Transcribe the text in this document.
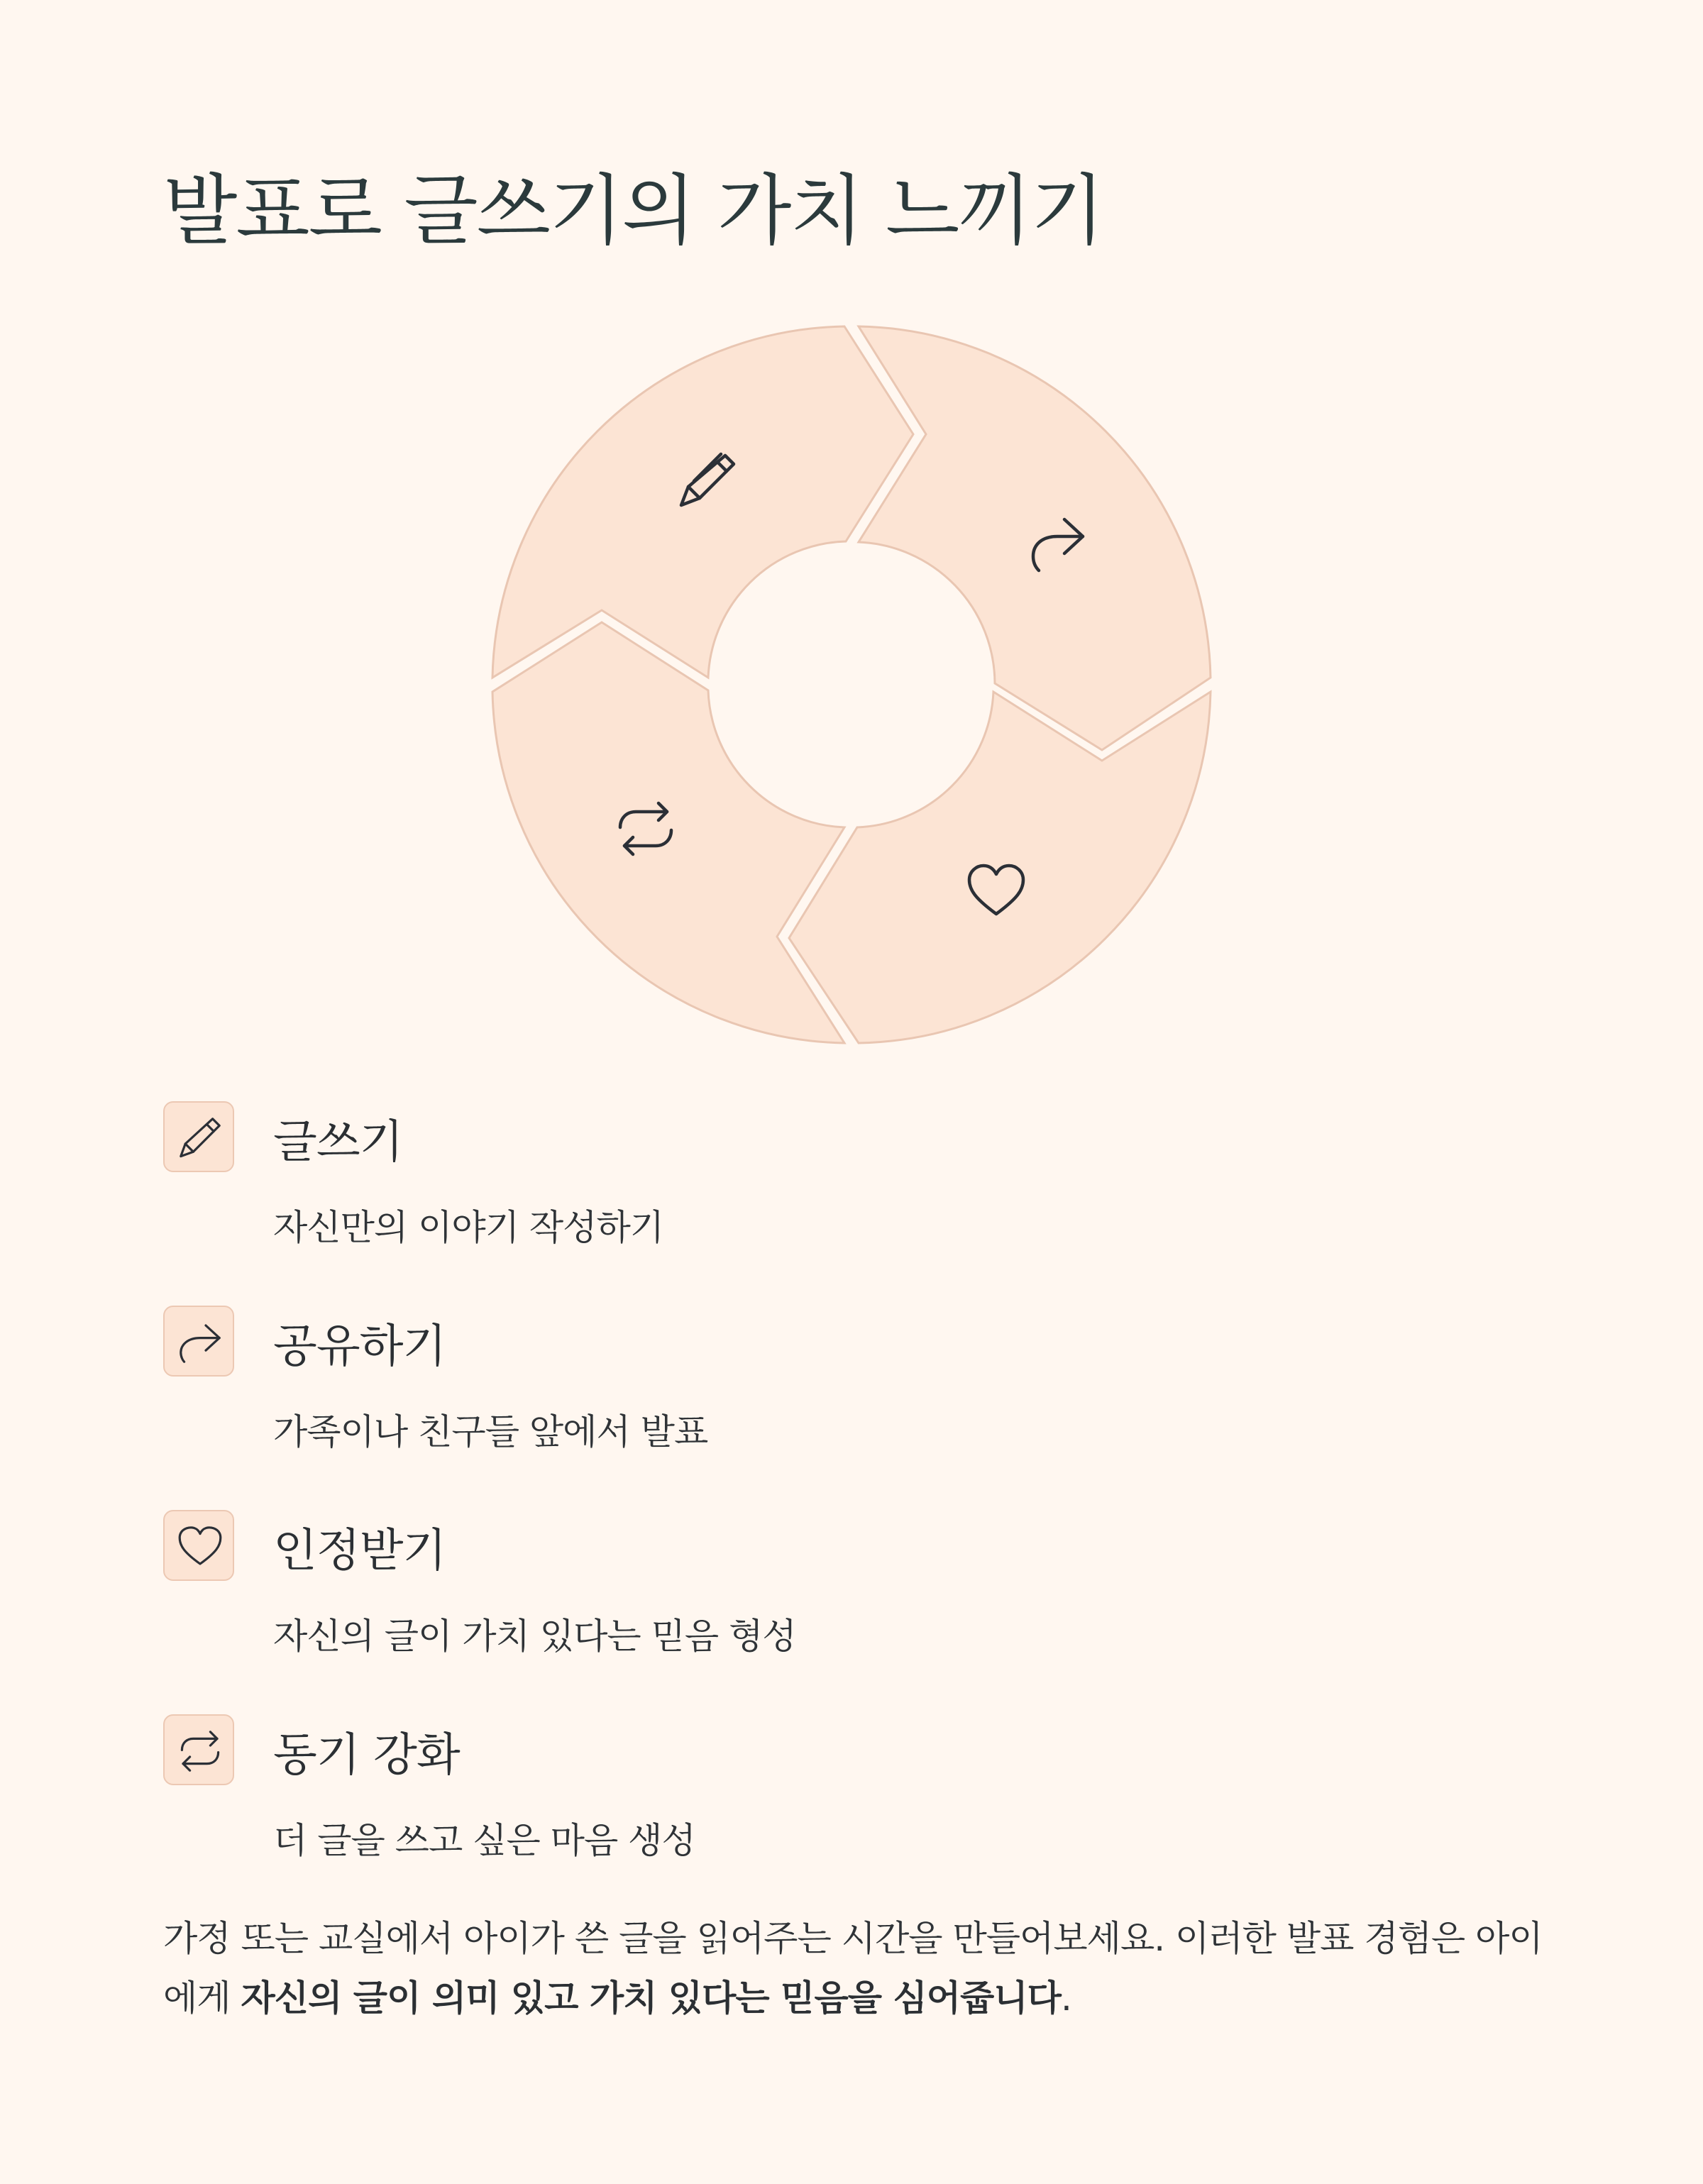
발표로 글쓰기의 가치 느끼기
글쓰기
자신만의 이야기 작성하기
공유하기
가족이나 친구들 앞에서 발표
인정받기
자신의 글이 가치 있다는 믿음 형성
동기 강화
더 글을 쓰고 싶은 마음 생성

가정 또는 교실에서 아이가 쓴 글을 읽어주는 시간을 만들어보세요. 이러한 발표 경험은 아이에게 자신의 글이 의미 있고 가치 있다는 믿음을 심어줍니다.
